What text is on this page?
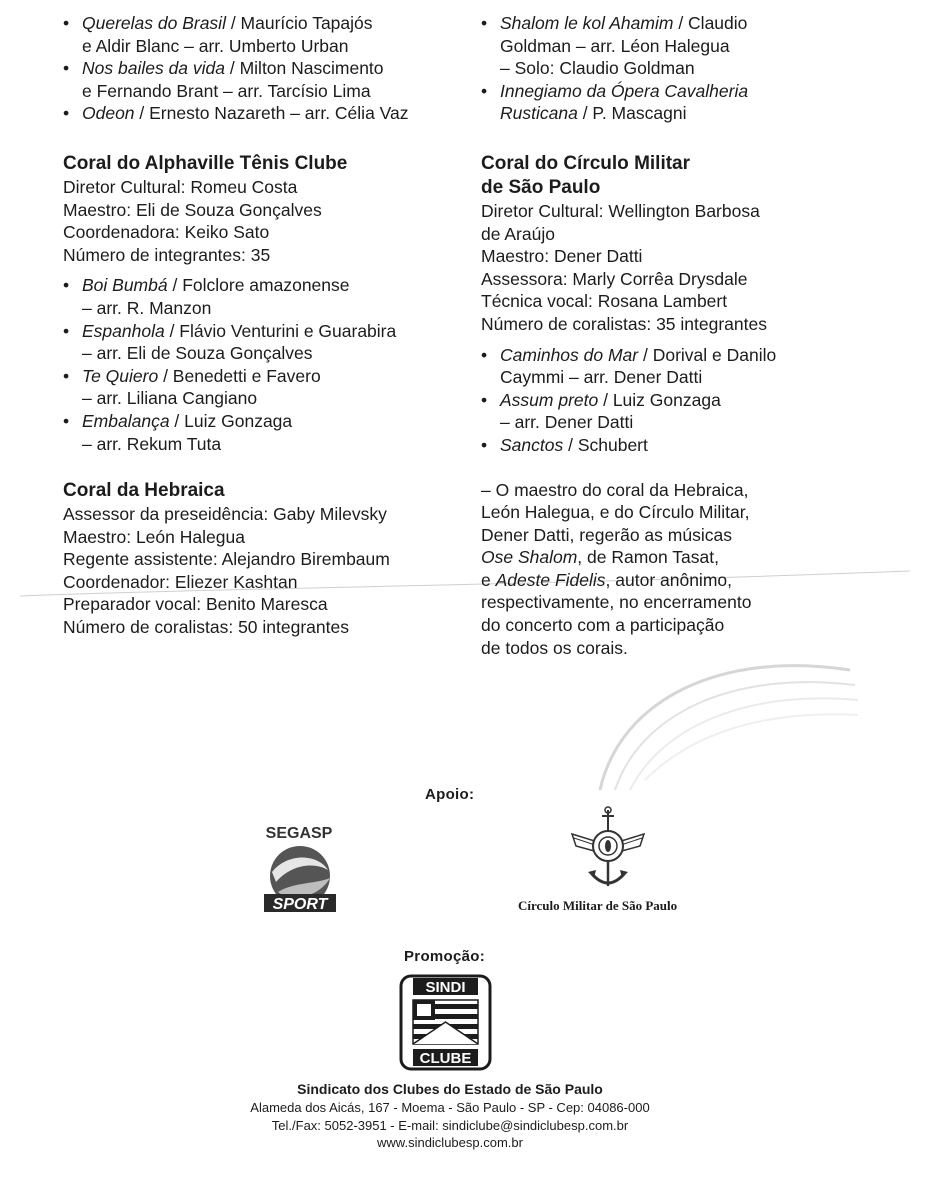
• Querelas do Brasil / Maurício Tapajós
e Aldir Blanc – arr. Umberto Urban
• Nos bailes da vida / Milton Nascimento
e Fernando Brant – arr. Tarcísio Lima
• Odeon / Ernesto Nazareth – arr. Célia Vaz
Coral do Alphaville Tênis Clube
Diretor Cultural: Romeu Costa
Maestro: Eli de Souza Gonçalves
Coordenadora: Keiko Sato
Número de integrantes: 35
• Boi Bumbá / Folclore amazonense
– arr. R. Manzon
• Espanhola / Flávio Venturini e Guarabira
– arr. Eli de Souza Gonçalves
• Te Quiero / Benedetti e Favero
– arr. Liliana Cangiano
• Embalança / Luiz Gonzaga
– arr. Rekum Tuta
Coral da Hebraica
Assessor da preseidência: Gaby Milevsky
Maestro: León Halegua
Regente assistente: Alejandro Birembaum
Coordenador: Eliezer Kashtan
Preparador vocal: Benito Maresca
Número de coralistas: 50 integrantes
• Shalom le kol Ahamim / Claudio
Goldman – arr. Léon Halegua
– Solo: Claudio Goldman
• Innegiamo da Ópera Cavalheria
Rusticana / P. Mascagni
Coral do Círculo Militar
de São Paulo
Diretor Cultural: Wellington Barbosa
de Araújo
Maestro: Dener Datti
Assessora: Marly Corrêa Drysdale
Técnica vocal: Rosana Lambert
Número de coralistas: 35 integrantes
• Caminhos do Mar / Dorival e Danilo
Caymmi – arr. Dener Datti
• Assum preto / Luiz Gonzaga
– arr. Dener Datti
• Sanctos / Schubert
– O maestro do coral da Hebraica,
León Halegua, e do Círculo Militar,
Dener Datti, regerão as músicas
Ose Shalom, de Ramon Tasat,
e Adeste Fidelis, autor anônimo,
respectivamente, no encerramento
do concerto com a participação
de todos os corais.
Apoio:
SEGASP
SPORT	Círculo Militar de São Paulo
Promoção:
SINDI
CLUBE
Sindicato dos Clubes do Estado de São Paulo
Alameda dos Aicás, 167 - Moema - São Paulo - SP - Cep: 04086-000
Tel./Fax: 5052-3951 - E-mail: sindiclube@sindiclubesp.com.br
www.sindiclubesp.com.br
